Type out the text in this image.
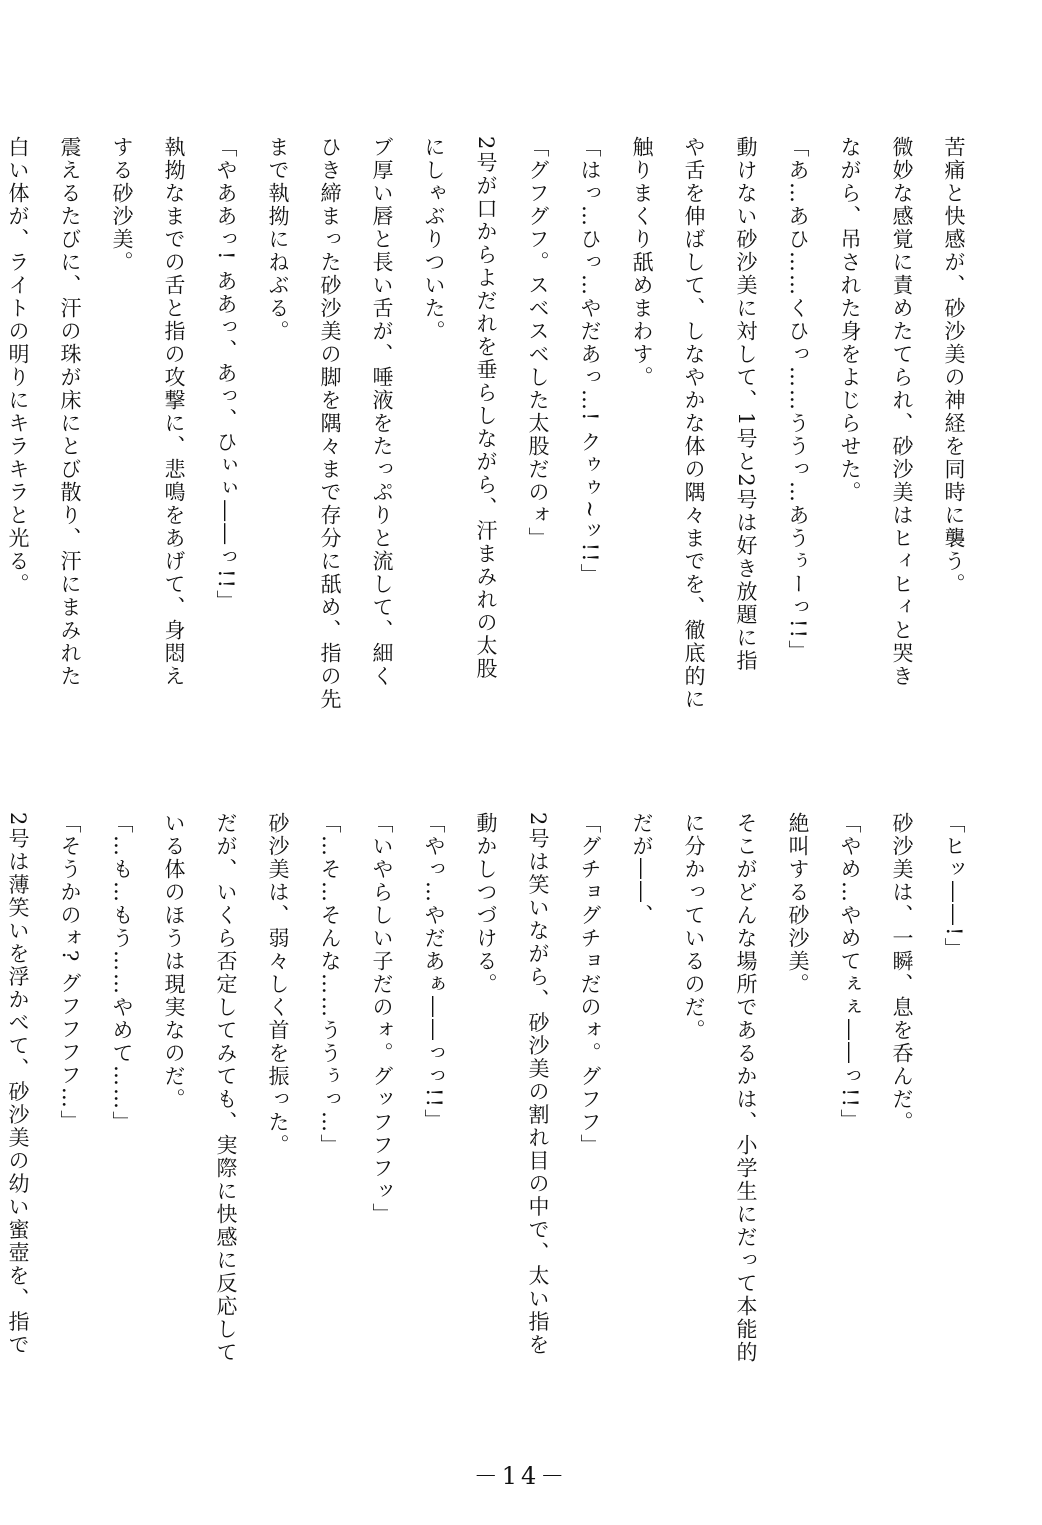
苦痛と快感が、砂沙美の神経を同時に襲う。
微妙な感覚に責めたてられ、砂沙美はヒィヒィと哭き
ながら、吊された身をよじらせた。
「あ…あひ……くひっ……ううっ…あうぅーっ!!」
動けない砂沙美に対して、1号と2号は好き放題に指
や舌を伸ばして、しなやかな体の隅々までを、徹底的に
触りまくり舐めまわす。
「はっ…ひっ…やだあっ…! クゥゥ~ッ!!」
「グフグフ。スベスベした太股だのォ」
2号が口からよだれを垂らしながら、汗まみれの太股
にしゃぶりついた。
ブ厚い唇と長い舌が、唾液をたっぷりと流して、細く
ひき締まった砂沙美の脚を隅々まで存分に舐め、指の先
まで執拗にねぶる。
「やああっ! ああっ、あっ、ひぃぃ――っ!!」
執拗なまでの舌と指の攻撃に、悲鳴をあげて、身悶え
する砂沙美。
震えるたびに、汗の珠が床にとび散り、汗にまみれた
白い体が、ライトの明りにキラキラと光る。
「ヒッ――!」
砂沙美は、一瞬、息を呑んだ。
「やめ…やめてぇぇ――っ!!」
絶叫する砂沙美。
そこがどんな場所であるかは、小学生にだって本能的
に分かっているのだ。
だが――、
「グチョグチョだのォ。グフフ」
2号は笑いながら、砂沙美の割れ目の中で、太い指を
動かしつづける。
「やっ…やだあぁ――っっ!!」
「いやらしい子だのォ。グッフフフッ」
「…そ…そんな……ううぅっ…」
砂沙美は、弱々しく首を振った。
だが、いくら否定してみても、実際に快感に反応して
いる体のほうは現実なのだ。
「…も…もう……やめて……」
「そうかのォ? グフフフフ…」
2号は薄笑いを浮かべて、砂沙美の幼い蜜壺を、指で
－14－
